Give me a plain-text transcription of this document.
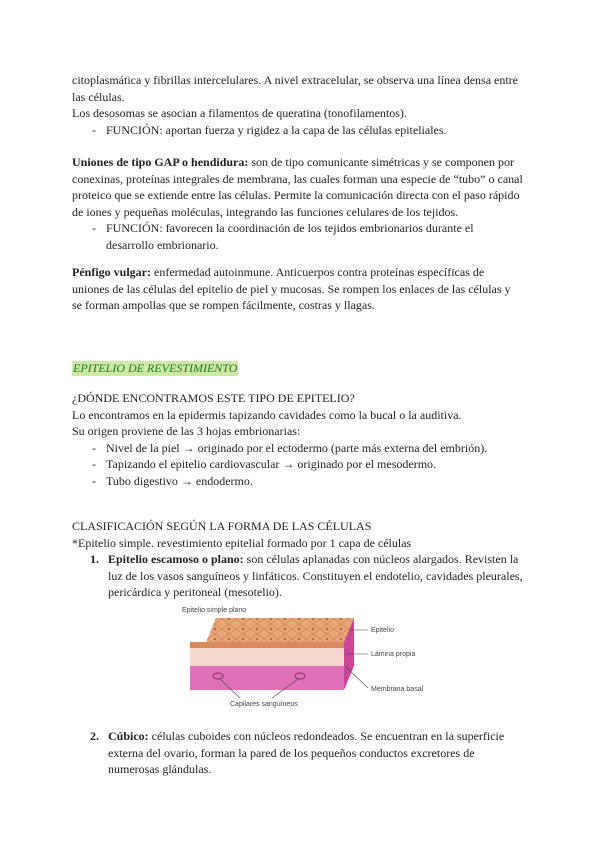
citoplasmática y fibrillas intercelulares. A nivel extracelular, se observa una línea densa entre

las células.

Los desosomas se asocian a filamentos de queratina (tonofilamentos).

- FUNCIÓN: aportan fuerza y rigidez a la capa de las células epiteliales.

Uniones de tipo GAP o hendidura: son de tipo comunicante simétricas y se componen por

conexinas, proteínas integrales de membrana, las cuales forman una especie de “tubo” o canal

proteico que se extiende entre las células. Permite la comunicación directa con el paso rápido

de iones y pequeñas moléculas, integrando las funciones celulares de los tejidos.

- FUNCIÓN: favorecen la coordinación de los tejidos embrionarios durante el

desarrollo embrionario.

Pénfigo vulgar: enfermedad autoinmune. Anticuerpos contra proteínas específicas de

uniones de las células del epitelio de piel y mucosas. Se rompen los enlaces de las células y

se forman ampollas que se rompen fácilmente, costras y llagas.

EPITELIO DE REVESTIMIENTO

¿DÓNDE ENCONTRAMOS ESTE TIPO DE EPITELIO?

Lo encontramos en la epidermis tapizando cavidades como la bucal o la auditiva.

Su origen proviene de las 3 hojas embrionarias:

- Nivel de la piel → originado por el ectodermo (parte más externa del embrión).

- Tapizando el epitelio cardiovascular → originado por el mesodermo.

- Tubo digestivo → endodermo.

CLASIFICACIÓN SEGÚN LA FORMA DE LAS CÉLULAS

*Epitelio simple. revestimiento epitelial formado por 1 capa de células

1. Epitelio escamoso o plano: son células aplanadas con núcleos alargados. Revisten la

luz de los vasos sanguíneos y linfáticos. Constituyen el endotelio, cavidades pleurales,

pericárdica y peritoneal (mesotelio).

Epitelio simple plano
Epitelio
Lámina propia
Membrana basal
Capilares sanguíneos
2. Cúbico: células cuboides con núcleos redondeados. Se encuentran en la superficie

externa del ovario, forman la pared de los pequeños conductos excretores de

numerosas glándulas.
